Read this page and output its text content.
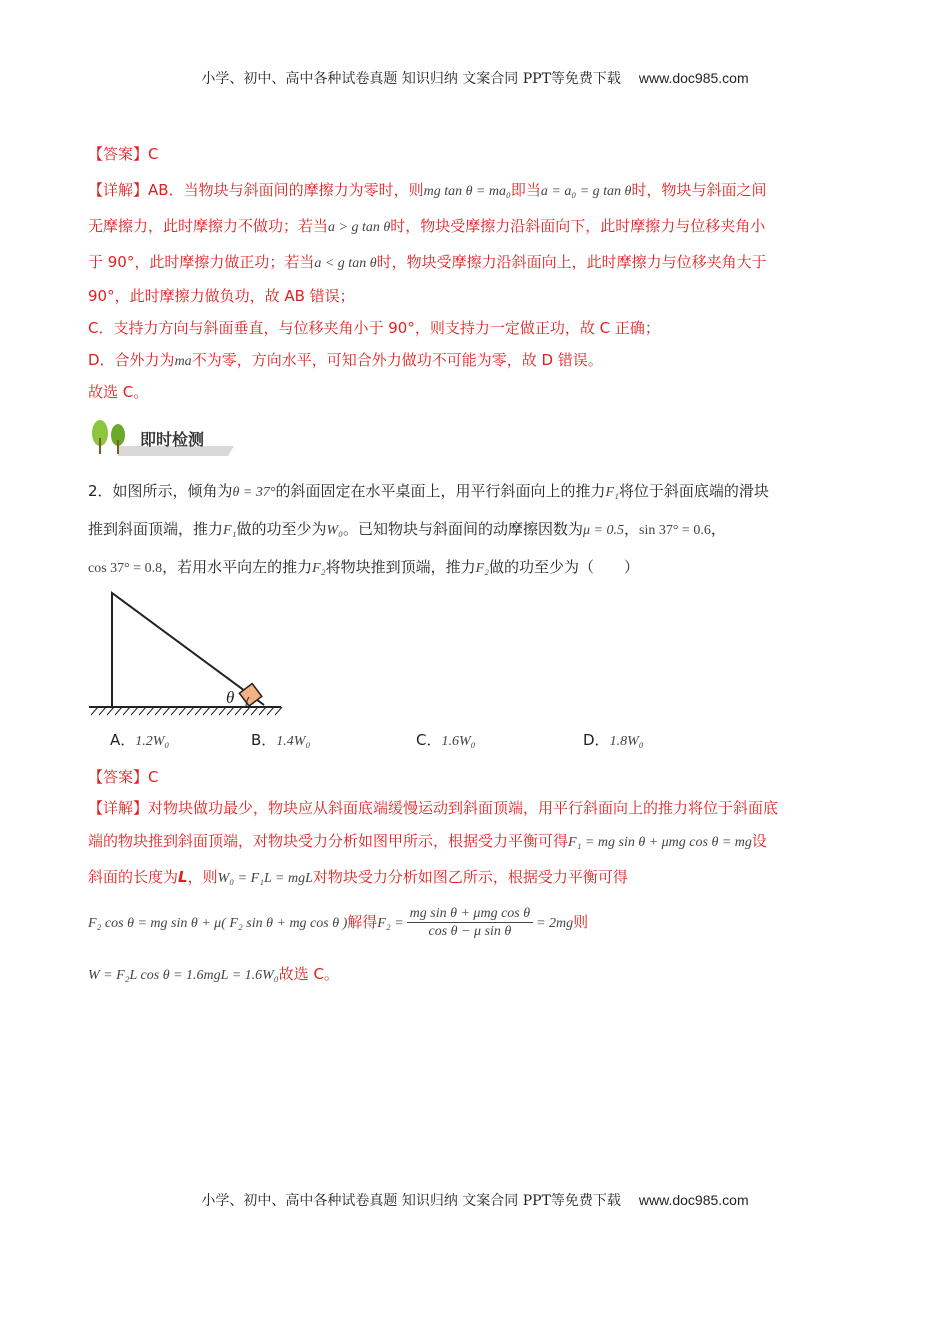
小学、初中、高中各种试卷真题 知识归纳 文案合同 PPT等免费下载 www.doc985.com
【答案】C
【详解】AB．当物块与斜面间的摩擦力为零时，则mg tan θ = ma₀即当a = a₀ = g tan θ时，物块与斜面之间
无摩擦力，此时摩擦力不做功；若当a > g tan θ时，物块受摩擦力沿斜面向下，此时摩擦力与位移夹角小
于 90°，此时摩擦力做正功；若当a < g tan θ时，物块受摩擦力沿斜面向上，此时摩擦力与位移夹角大于
90°，此时摩擦力做负功，故 AB 错误；
C．支持力方向与斜面垂直，与位移夹角小于 90°，则支持力一定做正功，故 C 正确；
D．合外力为ma不为零，方向水平，可知合外力做功不可能为零，故 D 错误。
故选 C。
即时检测
2．如图所示，倾角为θ = 37°的斜面固定在水平桌面上，用平行斜面向上的推力F₁将位于斜面底端的滑块
推到斜面顶端，推力F₁做的功至少为W₀。已知物块与斜面间的动摩擦因数为μ = 0.5，sin 37° = 0.6，
cos 37° = 0.8，若用水平向左的推力F₂将物块推到顶端，推力F₂做的功至少为（　　）
θ
A．1.2W₀	B．1.4W₀	C．1.6W₀	D．1.8W₀
【答案】C
【详解】对物块做功最少，物块应从斜面底端缓慢运动到斜面顶端，用平行斜面向上的推力将位于斜面底
端的物块推到斜面顶端，对物块受力分析如图甲所示，根据受力平衡可得F₁ = mg sin θ + μmg cos θ = mg设
斜面的长度为L，则W₀ = F₁L = mgL对物块受力分析如图乙所示，根据受力平衡可得
F₂ cos θ = mg sin θ + μ( F₂ sin θ + mg cos θ )解得$F_2 = \frac{\text{mg sin θ + μmg cos θ}}{\text{cos θ − μ sin θ}} = 2mg$则
W = F₂L cos θ = 1.6mgL = 1.6W₀故选 C。
小学、初中、高中各种试卷真题 知识归纳 文案合同 PPT等免费下载 www.doc985.com
